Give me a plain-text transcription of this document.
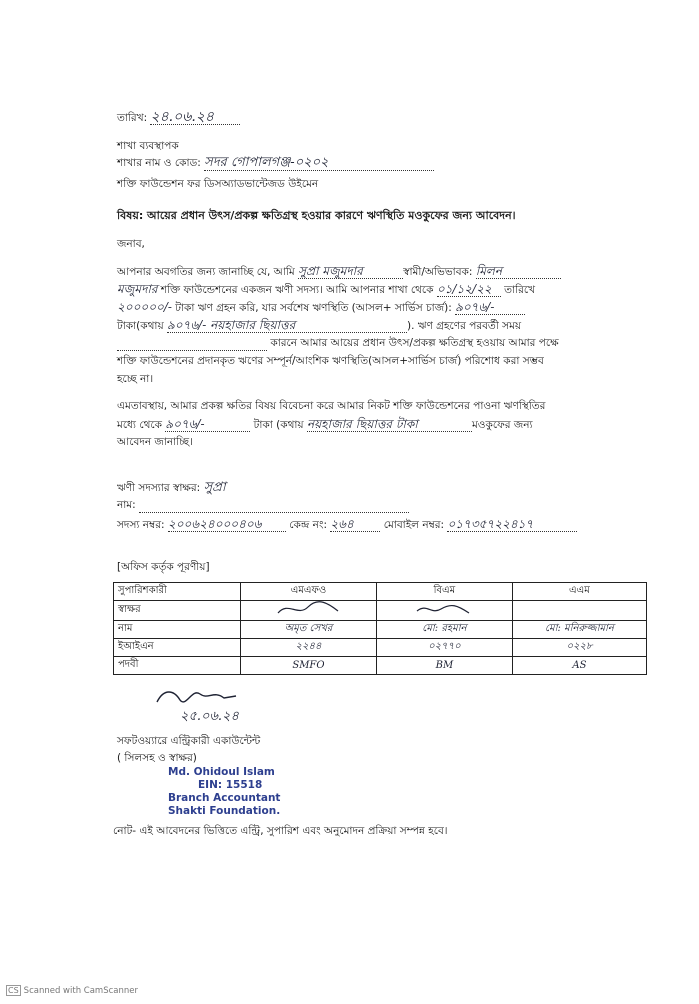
তারিখ: ২৪.০৬.২৪
শাখা ব্যবস্থাপক
শাখার নাম ও কোড: সদর গোপালগঞ্জ-০২০২
শক্তি ফাউন্ডেশন ফর ডিসঅ্যাডভান্টেজড উইমেন
বিষয়: আয়ের প্রধান উৎস/প্রকল্প ক্ষতিগ্রস্থ হওয়ার কারণে ঋণস্থিতি মওকুফের জন্য আবেদন।
জনাব,
আপনার অবগতির জন্য জানাচ্ছি যে, আমি সুপ্রা মজুমদার	স্বামী/অভিভাবক: মিলন
মজুমদার শক্তি ফাউন্ডেশনের একজন ঋণী সদস্য। আমি আপনার শাখা থেকে ০১/১২/২২ তারিখে
২০০০০০/- টাকা ঋণ গ্রহন করি, যার সর্বশেষ ঋণস্থিতি (আসল+ সার্ভিস চার্জ): ৯০৭৬/-
টাকা(কথায় ৯০৭৬/- নয়হাজার ছিয়াত্তর	). ঋণ গ্রহণের পরবর্তী সময়
কারনে আমার আয়ের প্রধান উৎস/প্রকল্প ক্ষতিগ্রস্থ হওয়ায় আমার পক্ষে
শক্তি ফাউন্ডেশনের প্রদানকৃত ঋণের সম্পূর্ন/আংশিক ঋণস্থিতি(আসল+সার্ভিস চার্জ) পরিশোধ করা সম্ভব
হচ্ছে না।
এমতাবস্থায়, আমার প্রকল্প ক্ষতির বিষয় বিবেচনা করে আমার নিকট শক্তি ফাউন্ডেশনের পাওনা ঋণস্থিতির
মধ্যে থেকে ৯০৭৬/-	টাকা (কথায় নয়হাজার ছিয়াত্তর টাকা	মওকুফের জন্য
আবেদন জানাচ্ছি।
ঋণী সদস্যার স্বাক্ষর: সুপ্রা
নাম:
সদস্য নম্বর: ২০০৬২৪০০০৪০৬	কেন্দ্র নং: ২৬৪	মোবাইল নম্বর: ০১৭৩৫৭২২৪১৭
[অফিস কর্তৃক পূরণীয়]
সুপারিশকারী	এমএফও	বিএম	এএম
স্বাক্ষর			
নাম	অমৃত সেখর	মো: রহমান	মো: মনিরুজ্জামান
ইআইএন	২২৪৪	০২৭৭০	০২২৮
পদবী	SMFO	BM	AS
২৫.০৬.২৪
সফটওয়্যারে এন্ট্রিকারী একাউন্টেন্ট
( সিলসহ ও স্বাক্ষর)
Md. Ohidoul Islam
EIN: 15518
Branch Accountant
Shakti Foundation.
নোট- এই আবেদনের ভিত্তিতে এন্ট্রি, সুপারিশ এবং অনুমোদন প্রক্রিয়া সম্পন্ন হবে।
CS Scanned with CamScanner
